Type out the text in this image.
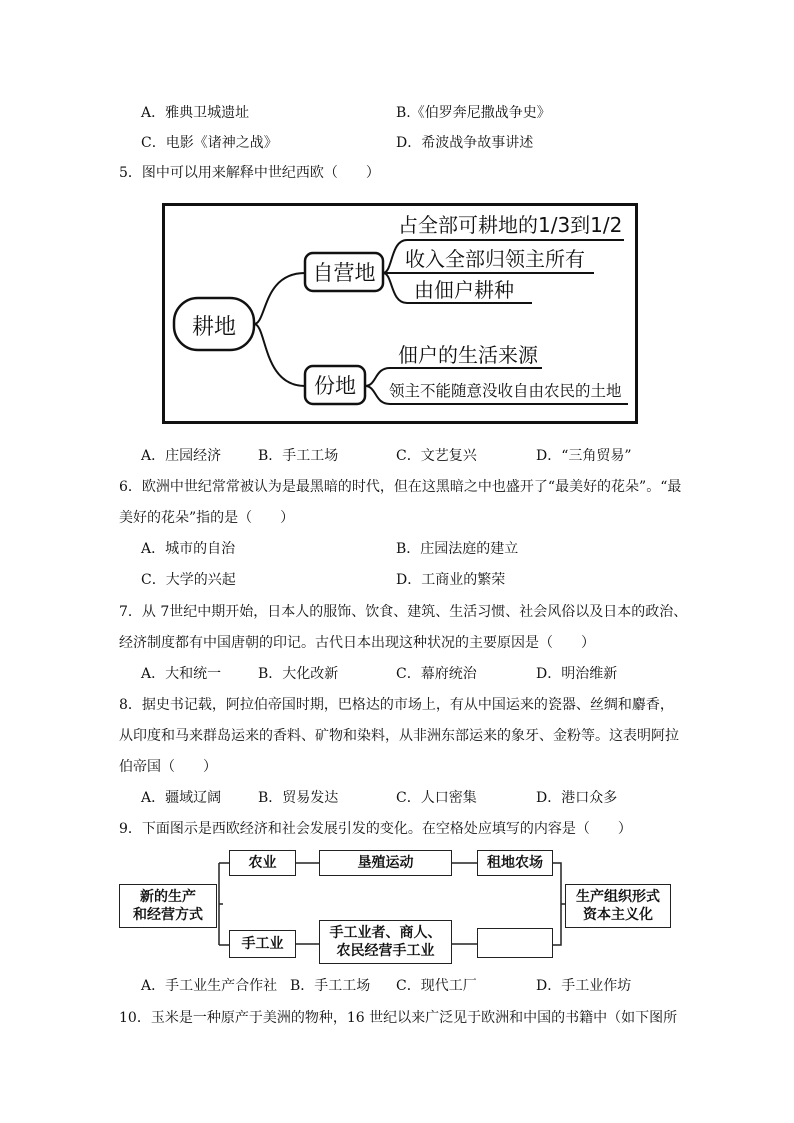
A．雅典卫城遗址	B.《伯罗奔尼撒战争史》
C．电影《诸神之战》	D．希波战争故事讲述
5．图中可以用来解释中世纪西欧（　　）
耕地
自营地
份地
占全部可耕地的1/3到1/2
收入全部归领主所有
由佃户耕种
佃户的生活来源
领主不能随意没收自由农民的土地
A．庄园经济	B．手工工场	C．文艺复兴	D．“三角贸易”
6．欧洲中世纪常常被认为是最黑暗的时代，但在这黑暗之中也盛开了“最美好的花朵”。“最
美好的花朵”指的是（　　）
A．城市的自治	B．庄园法庭的建立
C．大学的兴起	D．工商业的繁荣
7．从 7世纪中期开始，日本人的服饰、饮食、建筑、生活习惯、社会风俗以及日本的政治、
经济制度都有中国唐朝的印记。古代日本出现这种状况的主要原因是（　　）
A．大和统一	B．大化改新	C．幕府统治	D．明治维新
8．据史书记载，阿拉伯帝国时期，巴格达的市场上，有从中国运来的瓷器、丝绸和麝香，
从印度和马来群岛运来的香料、矿物和染料，从非洲东部运来的象牙、金粉等。这表明阿拉
伯帝国（　　）
A．疆域辽阔	B．贸易发达	C．人口密集	D．港口众多
9．下面图示是西欧经济和社会发展引发的变化。在空格处应填写的内容是（　　）
新的生产
和经营方式
农业	垦殖运动	租地农场
手工业
手工业者、商人、
农民经营手工业
生产组织形式
资本主义化
A．手工业生产合作社 B．手工工场 C．现代工厂	D．手工业作坊
10．玉米是一种原产于美洲的物种，16 世纪以来广泛见于欧洲和中国的书籍中（如下图所
